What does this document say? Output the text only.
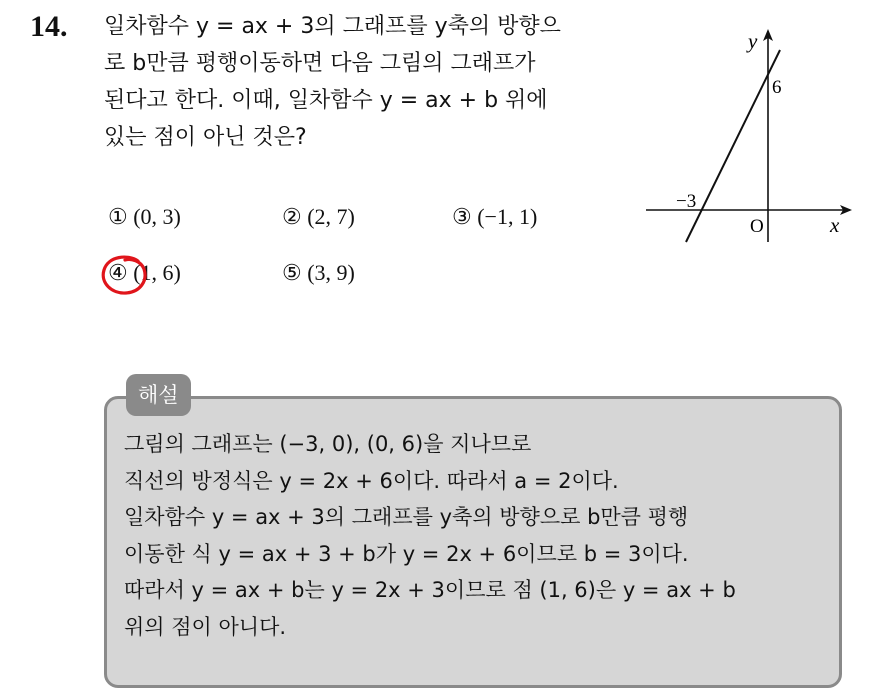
14. 일차함수 y = ax + 3의 그래프를 y축의 방향으
로 b만큼 평행이동하면 다음 그림의 그래프가
된다고 한다. 이때, 일차함수 y = ax + b 위에
있는 점이 아닌 것은?
① (0, 3)	② (2, 7)	③ (−1, 1)
④ (1, 6)	⑤ (3, 9)
y
6
−3
O	x
해설
그림의 그래프는 (−3, 0), (0, 6)을 지나므로
직선의 방정식은 y = 2x + 6이다. 따라서 a = 2이다.
일차함수 y = ax + 3의 그래프를 y축의 방향으로 b만큼 평행
이동한 식 y = ax + 3 + b가 y = 2x + 6이므로 b = 3이다.
따라서 y = ax + b는 y = 2x + 3이므로 점 (1, 6)은 y = ax + b
위의 점이 아니다.
